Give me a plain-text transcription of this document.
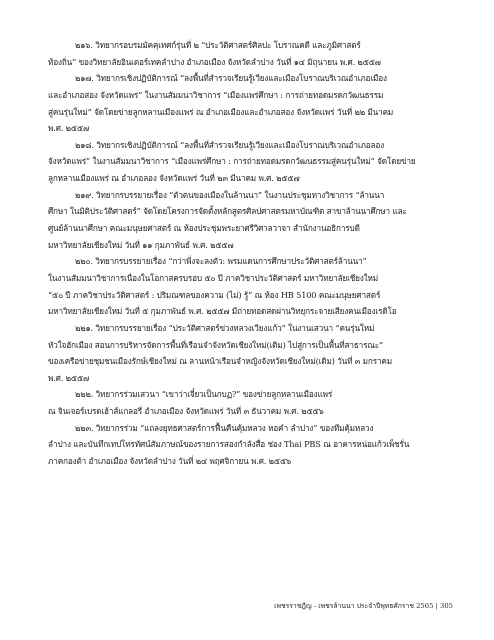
๒๑๖. วิทยากรอบรมมัคคุเทศก์รุ่นที่ ๒ “ประวัติศาสตร์ศิลปะ โบราณคดี และภูมิศาสตร์
ท้องถิ่น” ของวิทยาลัยอินเตอร์เทคลำปาง อำเภอเมือง จังหวัดลำปาง วันที่ ๑๔ มิถุนายน พ.ศ. ๒๕๕๗
๒๑๗. วิทยากรเชิงปฏิบัติการณ์ “ลงพื้นที่สำรวจเรียนรู้เวียงและเมืองโบราณบริเวณอำเภอเมือง
และอำเภอสอง จังหวัดแพร่” ในงานสัมมนาวิชาการ “เมืองแพร่ศึกษา : การถ่ายทอดมรดกวัฒนธรรม
สู่คนรุ่นใหม่” จัดโดยข่ายลูกหลานเมืองแพร่ ณ อำเภอเมืองและอำเภอสอง จังหวัดแพร่ วันที่ ๒๒ มีนาคม
พ.ศ. ๒๕๕๗
๒๑๘. วิทยากรเชิงปฏิบัติการณ์ “ลงพื้นที่สำรวจเรียนรู้เวียงและเมืองโบราณบริเวณอำเภอลอง
จังหวัดแพร่” ในงานสัมมนาวิชาการ “เมืองแพร่ศึกษา : การถ่ายทอดมรดกวัฒนธรรมสู่คนรุ่นใหม่” จัดโดยข่าย
ลูกหลานเมืองแพร่ ณ อำเภอลอง จังหวัดแพร่ วันที่ ๒๓ มีนาคม พ.ศ. ๒๕๕๗
๒๑๙. วิทยากรบรรยายเรื่อง “ตัวตนของเมืองในล้านนา” ในงานประชุมทางวิชาการ “ล้านนา
ศึกษา ในมิติประวัติศาสตร์” จัดโดยโครงการจัดตั้งหลักสูตรศิลปศาสตรมหาบัณฑิต สาขาล้านนาศึกษา และ
ศูนย์ล้านนาศึกษา คณะมนุษยศาสตร์ ณ ห้องประชุมพระยาศรีวิศาลวาจา สำนักงานอธิการบดี
มหาวิทยาลัยเชียงใหม่ วันที่ ๑๑ กุมภาพันธ์ พ.ศ. ๒๕๕๗
๒๒๐. วิทยากรบรรยายเรื่อง “กว่าพี่งจะลงตัว: พรมแดนการศึกษาประวัติศาสตร์ล้านนา”
ในงานสัมมนาวิชาการเนื่องในโอกาสครบรอบ ๕๐ ปี ภาควิชาประวัติศาสตร์ มหาวิทยาลัยเชียงใหม่
“๕๐ ปี ภาควิชาประวัติศาสตร์ : ปริมณฑลของความ (ไม่) รู้” ณ ห้อง HB 5100 คณะมนุษยศาสตร์
มหาวิทยาลัยเชียงใหม่ วันที่ ๕ กุมภาพันธ์ พ.ศ. ๒๕๕๗ มีถ่ายทอดสดผ่านวิทยุกระจายเสียงคนเมืองเรดิโอ
๒๒๑. วิทยากรบรรยายเรื่อง “ประวัติศาสตร์ข่วงหลวงเวียงแก้ว” ในงานเสวนา “คนรุ่นใหม่
หัวใจฮักเมือง สอนการบริหารจัดการพื้นที่เรือนจำจังหวัดเชียงใหม่(เดิม) ไปสู่การเป็นพื้นที่สาธารณะ”
ของเครือข่ายชุมชนเมืองรักษ์เชียงใหม่ ณ ลานหน้าเรือนจำหญิงจังหวัดเชียงใหม่(เดิม) วันที่ ๓ มกราคม
พ.ศ. ๒๕๕๗
๒๒๒. วิทยากรร่วมเสวนา “เขาว่าเจี๋ยวเป็นกบฏ?” ของข่ายลูกหลานเมืองแพร่
ณ จินเจอร์เบรดเฮ้าส์แกลอรี่ อำเภอเมือง จังหวัดแพร่ วันที่ ๓ ธันวาคม พ.ศ. ๒๕๕๖
๒๒๓. วิทยากรร่วม “แถลงยุทธศาสตร์การฟื้นคืนคุ้มหลวง หอคำ ลำปาง” ของทีมคุ้มหลวง
ลำปาง และบันทึกเทปโทรทัศน์สัมภาษณ์ของรายการสองกำลังสื่อ ช่อง Thai PBS ณ อาคารหน่อแก้วเพ็ชรั่น
ภาคกองต้า อำเภอเมือง จังหวัดลำปาง วันที่ ๒๔ พฤศจิกายน พ.ศ. ๒๕๕๖
เพชรราชฎีญ - เพชรล้านนา ประจำปีพุทธศักราช 2565 | 305
